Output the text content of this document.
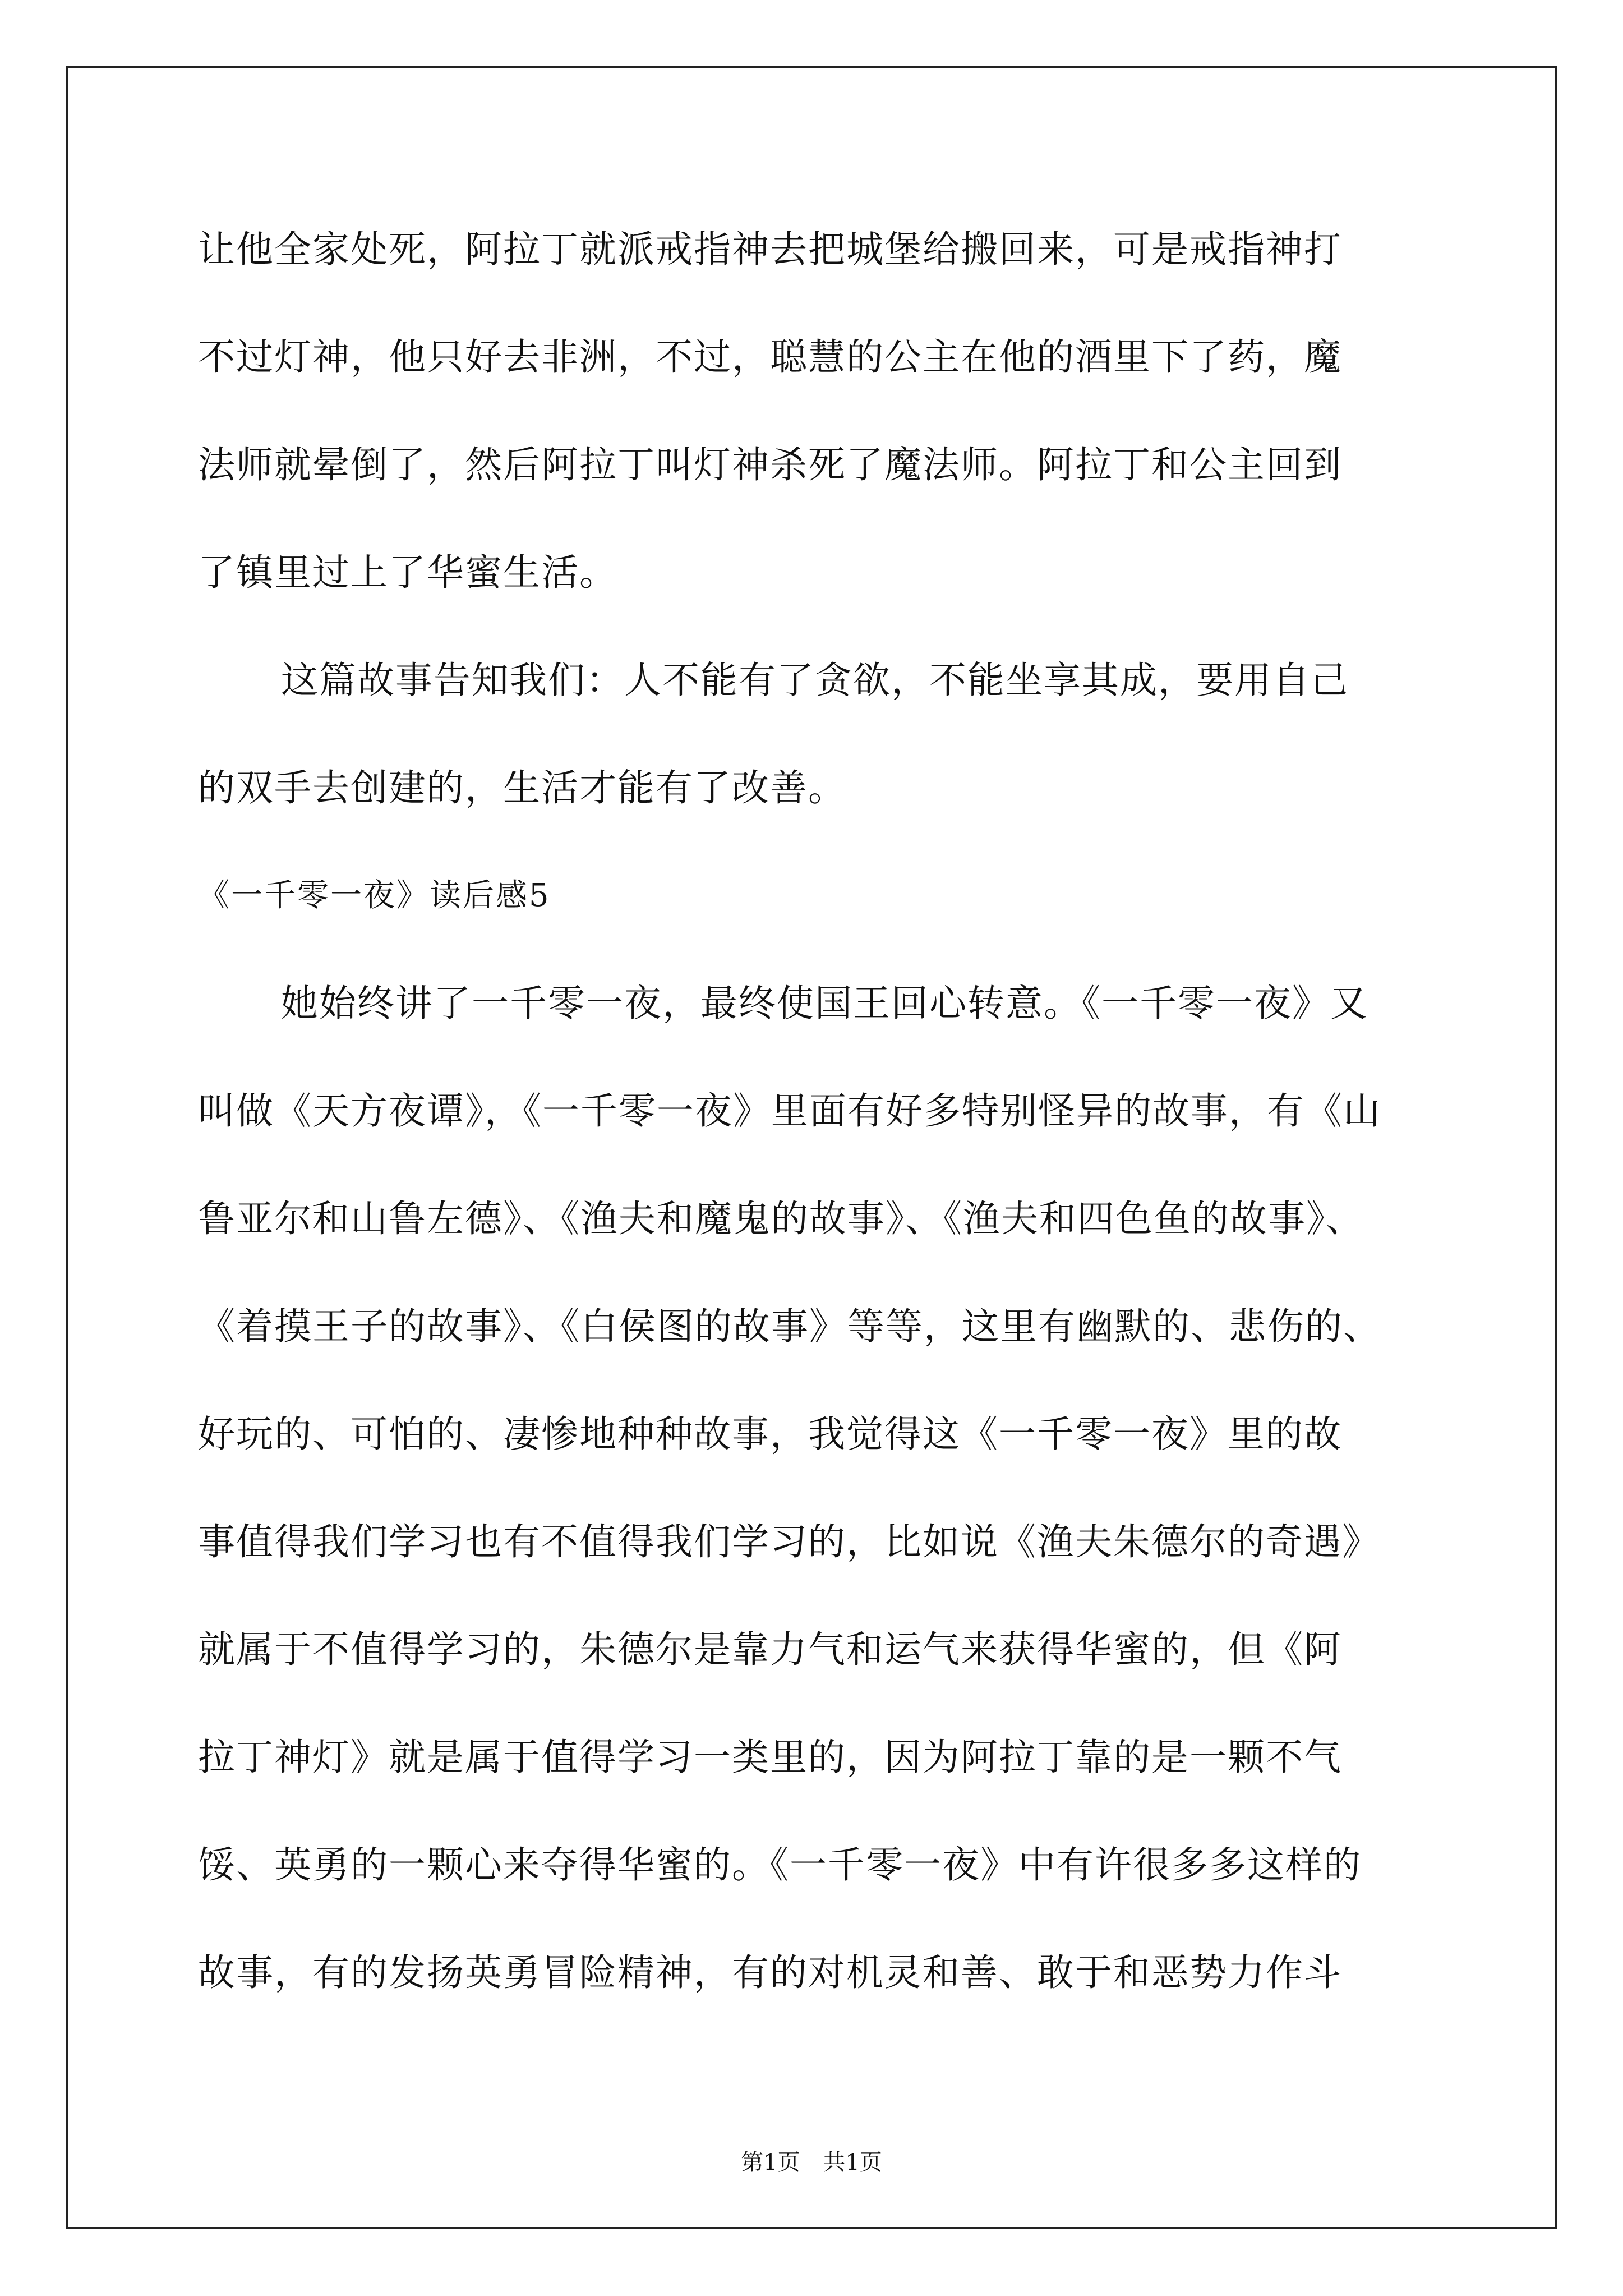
让他全家处死，阿拉丁就派戒指神去把城堡给搬回来，可是戒指神打
不过灯神，他只好去非洲，不过，聪慧的公主在他的酒里下了药，魔
法师就晕倒了，然后阿拉丁叫灯神杀死了魔法师。阿拉丁和公主回到
了镇里过上了华蜜生活。
这篇故事告知我们：人不能有了贪欲，不能坐享其成，要用自己
的双手去创建的，生活才能有了改善。
《一千零一夜》读后感5
她始终讲了一千零一夜，最终使国王回心转意。《一千零一夜》又
叫做《天方夜谭》，《一千零一夜》里面有好多特别怪异的故事，有《山
鲁亚尔和山鲁左德》、《渔夫和魔鬼的故事》、《渔夫和四色鱼的故事》、
《着摸王子的故事》、《白侯图的故事》等等，这里有幽默的、悲伤的、
好玩的、可怕的、凄惨地种种故事，我觉得这《一千零一夜》里的故
事值得我们学习也有不值得我们学习的，比如说《渔夫朱德尔的奇遇》
就属于不值得学习的，朱德尔是靠力气和运气来获得华蜜的，但《阿
拉丁神灯》就是属于值得学习一类里的，因为阿拉丁靠的是一颗不气
馁、英勇的一颗心来夺得华蜜的。《一千零一夜》中有许很多多这样的
故事，有的发扬英勇冒险精神，有的对机灵和善、敢于和恶势力作斗
第1页 共1页
